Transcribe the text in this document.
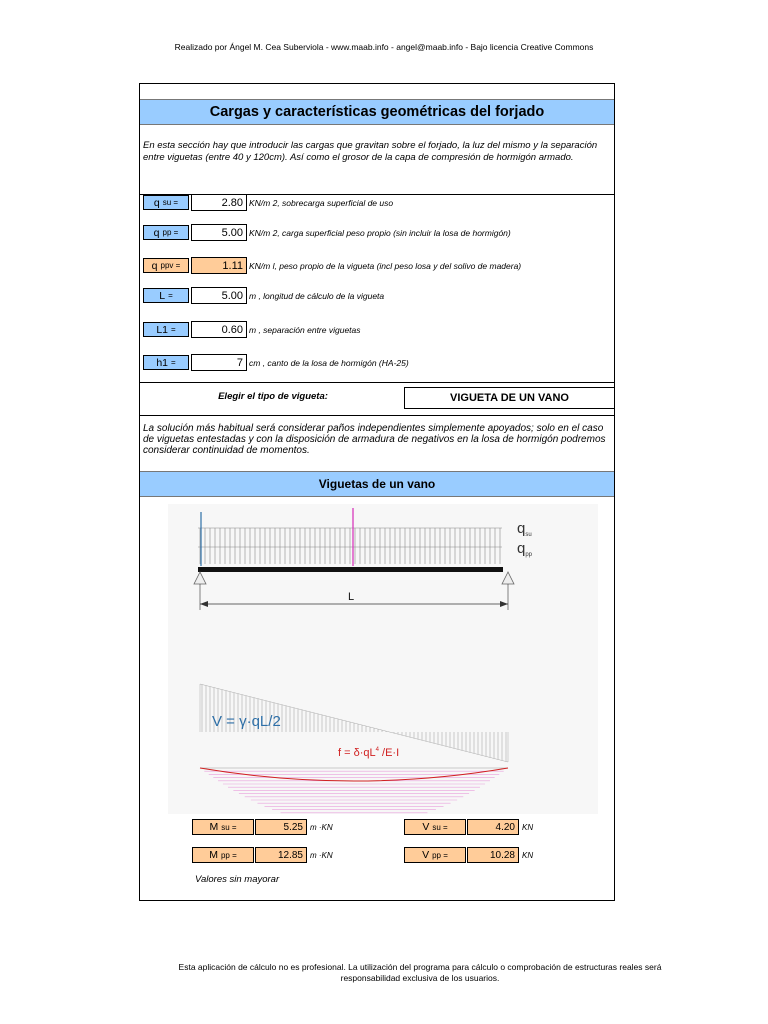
Realizado por Ángel M. Cea Suberviola - www.maab.info - angel@maab.info - Bajo licencia Creative Commons
Cargas y características geométricas del forjado
En esta sección hay que introducir las cargas que gravitan sobre el forjado, la luz del mismo y la separación entre viguetas (entre 40 y 120cm). Así como el grosor de la capa de compresión de hormigón armado.
q su =	2.80 KN/m 2, sobrecarga superficial de uso
q pp =	5.00 KN/m 2, carga superficial peso propio (sin incluir la losa de hormigón)
q ppv =	1.11 KN/m l, peso propio de la vigueta (incl peso losa y del solivo de madera)
L =	5.00 m , longitud de cálculo de la vigueta
L1 =	0.60 m , separación entre viguetas
h1 =	7 cm , canto de la losa de hormigón (HA-25)
Elegir el tipo de vigueta:	VIGUETA DE UN VANO
La solución más habitual será considerar paños independientes simplemente apoyados; solo en el caso de viguetas entestadas y con la disposición de armadura de negativos en la losa de hormigón podremos considerar continuidad de momentos.
Viguetas de un vano
$q_{su}$
$q_{pp}$
L
V = γ·qL/2
$f = \delta\cdot qL^4$ /E·I
M su =	5.25 m ·KN	V su =	4.20 KN
M pp =	12.85 m ·KN	V pp =	10.28 KN
Valores sin mayorar
Esta aplicación de cálculo no es profesional. La utilización del programa para cálculo o comprobación de estructuras reales será responsabilidad exclusiva de los usuarios.
